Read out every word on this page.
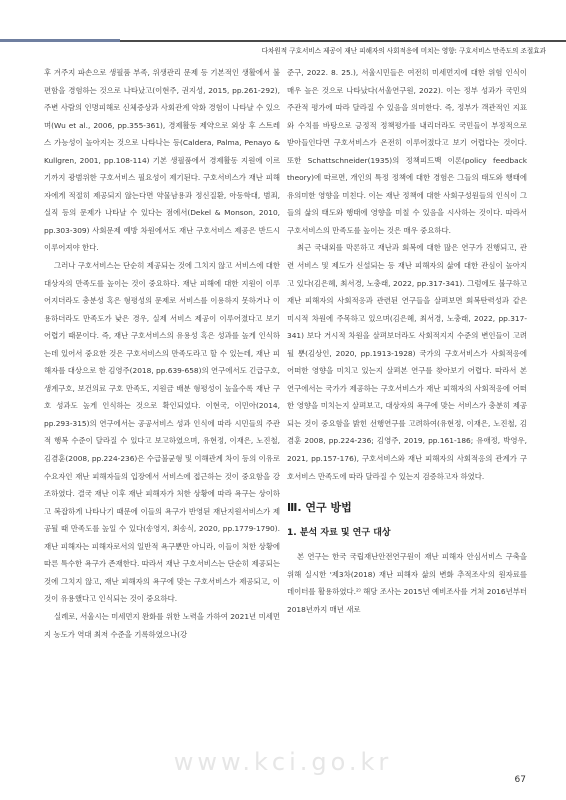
다차원적 구호서비스 제공이 재난 피해자의 사회적응에 미치는 영향: 구호서비스 만족도의 조절효과

후 겨주지 파손으로 생필품 부족, 위생관리 문제 등 기본적인 생활에서 불편함을 경험하는 것으로 나타났고(이현주, 권지성, 2015, pp.261-292), 주변 사람의 인명피해로 신체증상과 사회관계 악화 경험이 나타날 수 있으며(Wu et al., 2006, pp.355-361), 경제활동 제약으로 외상 후 스트레스 가능성이 높아지는 것으로 나타나는 등(Caldera, Palma, Penayo & Kullgren, 2001, pp.108-114) 기본 생필품에서 경제활동 지원에 이르기까지 광범위한 구호서비스 필요성이 제기된다. 구호서비스가 재난 피해자에게 적절히 제공되지 않는다면 약물남용과 정신질환, 아동학대, 범죄, 실직 등의 문제가 나타날 수 있다는 점에서(Dekel & Monson, 2010, pp.303-309) 사회문제 예방 차원에서도 재난 구호서비스 제공은 반드시 이루어져야 한다.

그러나 구호서비스는 단순히 제공되는 것에 그치지 않고 서비스에 대한 대상자의 만족도를 높이는 것이 중요하다. 재난 피해에 대한 지원이 이루어지더라도 충분성 혹은 형평성의 문제로 서비스를 이용하지 못하거나 이용하더라도 만족도가 낮은 경우, 실제 서비스 제공이 이루어졌다고 보기 어렵기 때문이다. 즉, 재난 구호서비스의 유용성 혹은 성과를 높게 인식하는데 있어서 중요한 것은 구호서비스의 만족도라고 할 수 있는데, 재난 피해자를 대상으로 한 김영주(2018, pp.639-658)의 연구에서도 긴급구호, 생계구호, 보건의료 구호 만족도, 지원금 배분 형평성이 높을수록 재난 구호 성과도 높게 인식하는 것으로 확인되었다. 이현국, 이민아(2014, pp.293-315)의 연구에서는 공공서비스 성과 인식에 따라 시민들의 주관적 행복 수준이 달라질 수 있다고 보고하였으며, 유현정, 이재은, 노진철, 김겸훈(2008, pp.224-236)은 수급불균형 및 이해관계 차이 등의 이유로 수요자인 재난 피해자들의 입장에서 서비스에 접근하는 것이 중요함을 강조하였다. 결국 재난 이후 재난 피해자가 처한 상황에 따라 욕구는 상이하고 복잡하게 나타나기 때문에 이들의 욕구가 반영된 재난지원서비스가 제공될 때 만족도를 높일 수 있다(송영지, 최송식, 2020, pp.1779-1790). 재난 피해자는 피해자로서의 일반적 욕구뿐만 아니라, 이들이 처한 상황에 따른 특수한 욕구가 존재한다. 따라서 재난 구호서비스는 단순히 제공되는 것에 그치지 않고, 재난 피해자의 욕구에 맞는 구호서비스가 제공되고, 이것이 유용했다고 인식되는 것이 중요하다.

실례로, 서울시는 미세먼지 완화를 위한 노력을 가하여 2021년 미세먼지 농도가 역대 최저 수준을 기록하였으나(강

준구, 2022. 8. 25.), 서울시민들은 여전히 미세먼지에 대한 위험 인식이 매우 높은 것으로 나타났다(서울연구원, 2022). 이는 정부 성과가 국민의 주관적 평가에 따라 달라질 수 있음을 의미한다. 즉, 정부가 객관적인 지표와 수치를 바탕으로 긍정적 정책평가를 내리더라도 국민들이 부정적으로 받아들인다면 구호서비스가 온전히 이루어졌다고 보기 어렵다는 것이다. 또한 Schattschneider(1935)의 정책피드백 이론(policy feedback theory)에 따르면, 개인의 특정 정책에 대한 경험은 그들의 태도와 행태에 유의미한 영향을 미친다. 이는 재난 정책에 대한 사회구성원들의 인식이 그들의 삶의 태도와 행태에 영향을 미칠 수 있음을 시사하는 것이다. 따라서 구호서비스의 만족도를 높이는 것은 매우 중요하다.

최근 국내외를 막론하고 재난과 회복에 대한 많은 연구가 진행되고, 관련 서비스 및 제도가 신설되는 등 재난 피해자의 삶에 대한 관심이 높아지고 있다(김은혜, 최서경, 노충래, 2022, pp.317-341). 그럼에도 불구하고 재난 피해자의 사회적응과 관련된 연구들을 살펴보면 회복탄력성과 같은 미시적 차원에 주목하고 있으며(김은혜, 최서경, 노충래, 2022, pp.317-341) 보다 거시적 차원을 살펴보더라도 사회적지지 수준의 변인들이 고려될 뿐(김상인, 2020, pp.1913-1928) 국가의 구호서비스가 사회적응에 어떠한 영향을 미치고 있는지 살펴본 연구를 찾아보기 어렵다. 따라서 본 연구에서는 국가가 제공하는 구호서비스가 재난 피해자의 사회적응에 어떠한 영향을 미치는지 살펴보고, 대상자의 욕구에 맞는 서비스가 충분히 제공되는 것이 중요함을 밝힌 선행연구를 고려하여(유현정, 이재은, 노진철, 김겸훈 2008, pp.224-236; 김영주, 2019, pp.161-186; 유애정, 박영우, 2021, pp.157-176), 구호서비스와 재난 피해자의 사회적응의 관계가 구호서비스 만족도에 따라 달라질 수 있는지 검증하고자 하였다.

Ⅲ. 연구 방법

1. 분석 자료 및 연구 대상

본 연구는 한국 국립재난안전연구원이 재난 피해자 안심서비스 구축을 위해 실시한 '제3차(2018) 재난 피해자 삶의 변화 추적조사'의 원자료를 데이터를 활용하였다.²⁾ 해당 조사는 2015년 예비조사를 거쳐 2016년부터 2018년까지 매년 새로

www.kci.go.kr
67
